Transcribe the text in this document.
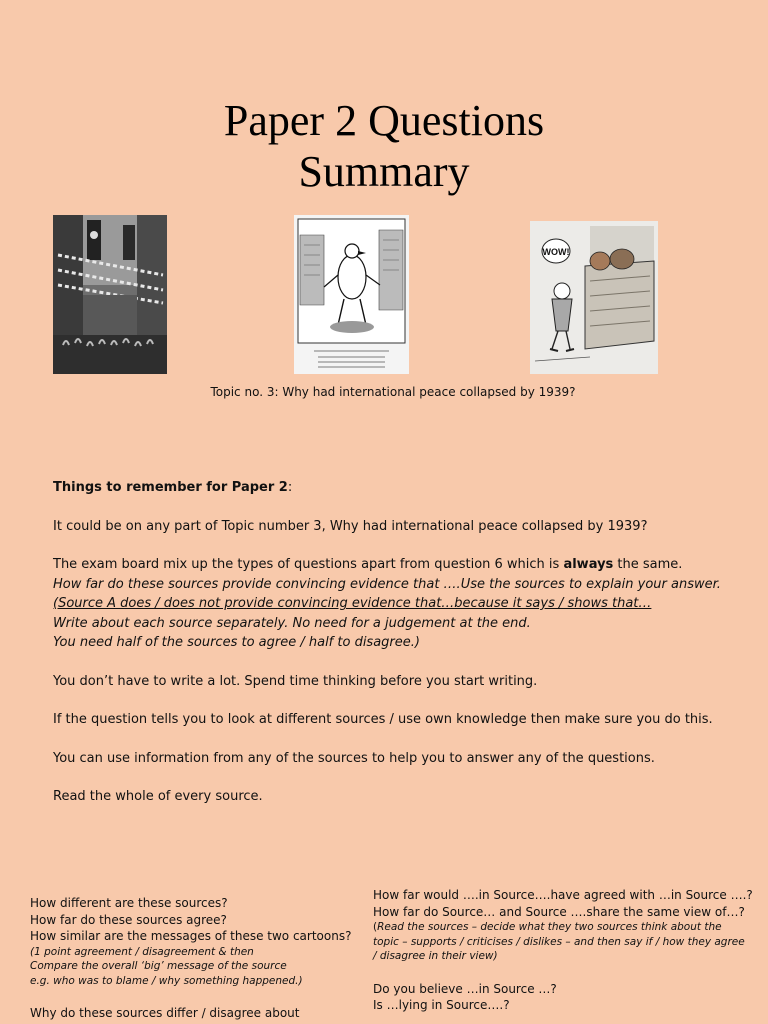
Paper 2 Questions
Summary
WOW!
Topic no. 3: Why had international peace collapsed by 1939?

Things to remember for Paper 2:

It could be on any part of Topic number 3, Why had international peace collapsed by 1939?

The exam board mix up the types of questions apart from question 6 which is always the same.

How far do these sources provide convincing evidence that ….Use the sources to explain your answer.

(Source A does / does not provide convincing evidence that…because it says / shows that…

Write about each source separately. No need for a judgement at the end.

You need half of the sources to agree / half to disagree.)

You don’t have to write a lot. Spend time thinking before you start writing.

If the question tells you to look at different sources / use own knowledge then make sure you do this.

You can use information from any of the sources to help you to answer any of the questions.

Read the whole of every source.

How different are these sources?

How far do these sources agree?

How similar are the messages of these two cartoons?

(1 point agreement / disagreement & then

Compare the overall ‘big’ message of the source

e.g. who was to blame / why something happened.)

Why do these sources differ / disagree about

How far would ….in Source….have agreed with …in Source ….?

How far do Source… and Source ….share the same view of…?

(Read the sources – decide what they two sources think about the

topic – supports / criticises / dislikes – and then say if / how they agree

/ disagree in their view)

Do you believe …in Source …?

Is …lying in Source….?
